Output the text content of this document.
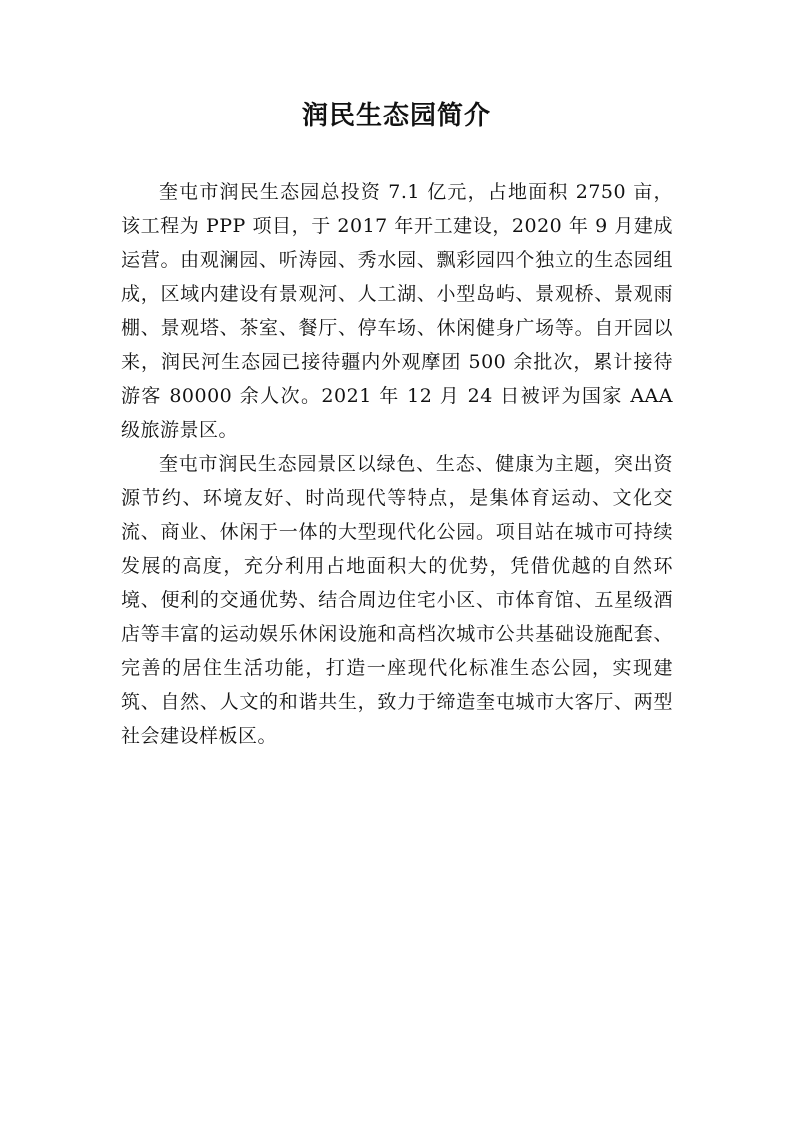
润民生态园简介

奎屯市润民生态园总投资 7.1 亿元，占地面积 2750 亩，该工程为 PPP 项目，于 2017 年开工建设，2020 年 9 月建成运营。由观澜园、听涛园、秀水园、飘彩园四个独立的生态园组成，区域内建设有景观河、人工湖、小型岛屿、景观桥、景观雨棚、景观塔、茶室、餐厅、停车场、休闲健身广场等。自开园以来，润民河生态园已接待疆内外观摩团 500 余批次，累计接待游客 80000 余人次。2021 年 12 月 24 日被评为国家 AAA 级旅游景区。

奎屯市润民生态园景区以绿色、生态、健康为主题，突出资源节约、环境友好、时尚现代等特点，是集体育运动、文化交流、商业、休闲于一体的大型现代化公园。项目站在城市可持续发展的高度，充分利用占地面积大的优势，凭借优越的自然环境、便利的交通优势、结合周边住宅小区、市体育馆、五星级酒店等丰富的运动娱乐休闲设施和高档次城市公共基础设施配套、完善的居住生活功能，打造一座现代化标准生态公园，实现建筑、自然、人文的和谐共生，致力于缔造奎屯城市大客厅、两型社会建设样板区。
